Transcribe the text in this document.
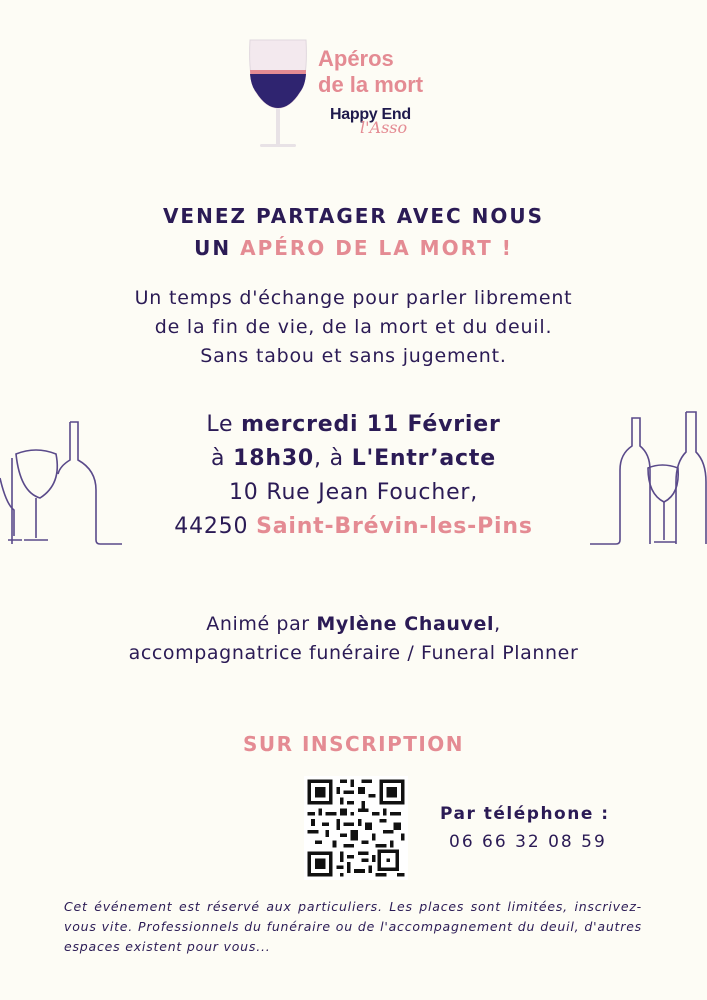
Apéros
de la mort
Happy End
l'Asso
VENEZ PARTAGER AVEC NOUS
UN APÉRO DE LA MORT !
Un temps d'échange pour parler librement
de la fin de vie, de la mort et du deuil.
Sans tabou et sans jugement.
Le mercredi 11 Février
à 18h30, à L'Entr’acte
10 Rue Jean Foucher,
44250 Saint-Brévin-les-Pins
Animé par Mylène Chauvel,
accompagnatrice funéraire / Funeral Planner
SUR INSCRIPTION
Par téléphone :
06 66 32 08 59
Cet événement est réservé aux particuliers. Les places sont limitées, inscrivez-vous vite. Professionnels du funéraire ou de l'accompagnement du deuil, d'autres espaces existent pour vous...
